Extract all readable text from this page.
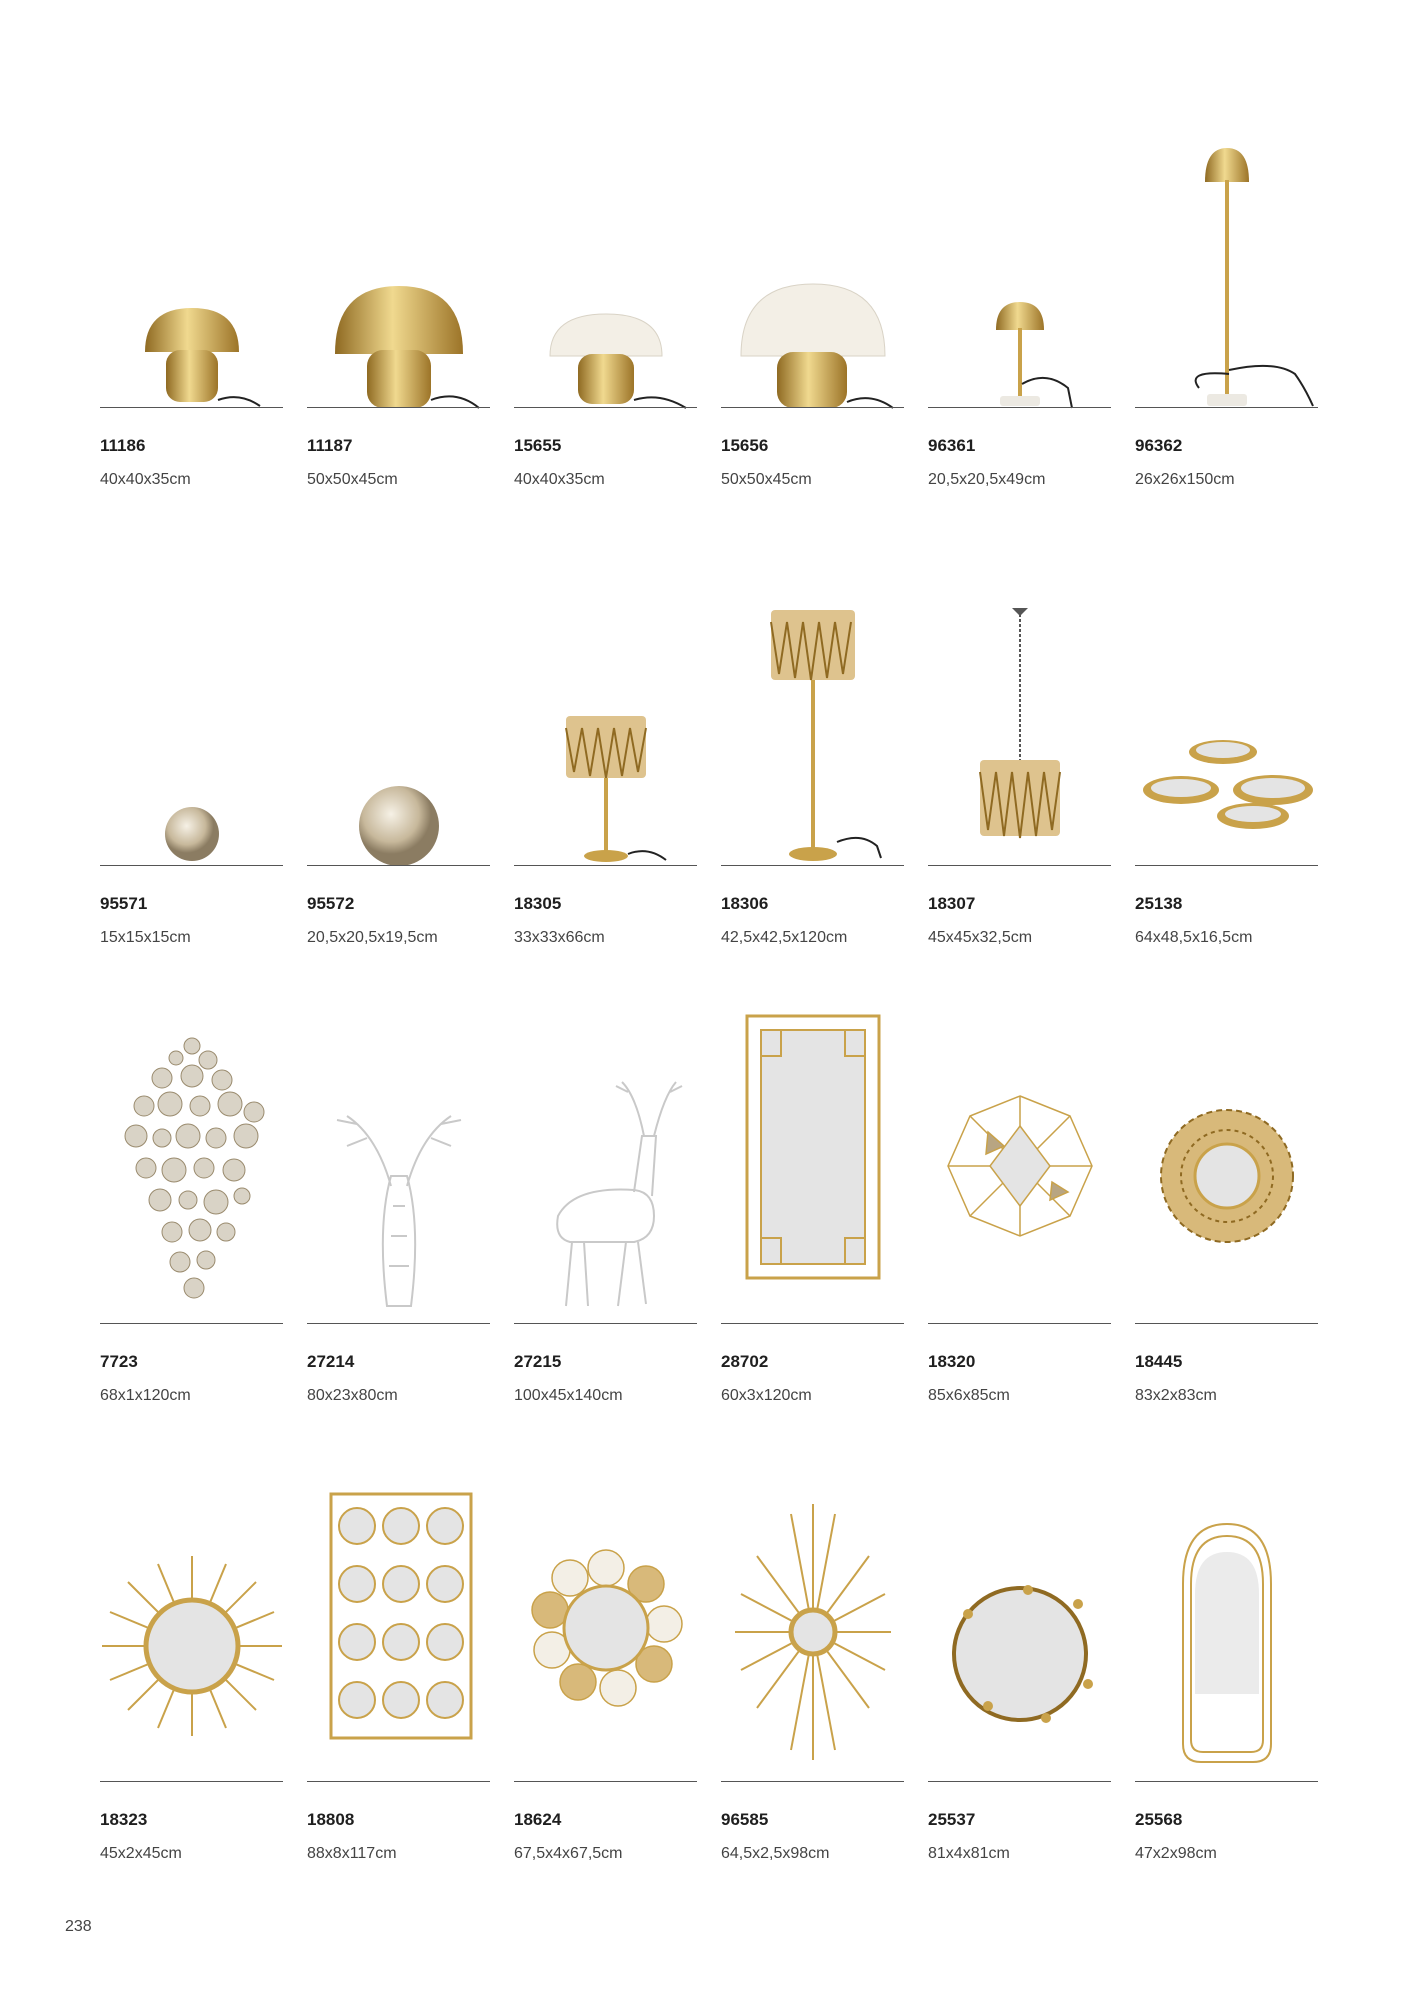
11186
40x40x35cm
11187
50x50x45cm
15655
40x40x35cm
15656
50x50x45cm
96361
20,5x20,5x49cm
96362
26x26x150cm
95571
15x15x15cm
95572
20,5x20,5x19,5cm
18305
33x33x66cm
18306
42,5x42,5x120cm
18307
45x45x32,5cm
25138
64x48,5x16,5cm
7723
68x1x120cm
27214
80x23x80cm
27215
100x45x140cm
28702
60x3x120cm
18320
85x6x85cm
18445
83x2x83cm
18323
45x2x45cm
18808
88x8x117cm
18624
67,5x4x67,5cm
96585
64,5x2,5x98cm
25537
81x4x81cm
25568
47x2x98cm
238
